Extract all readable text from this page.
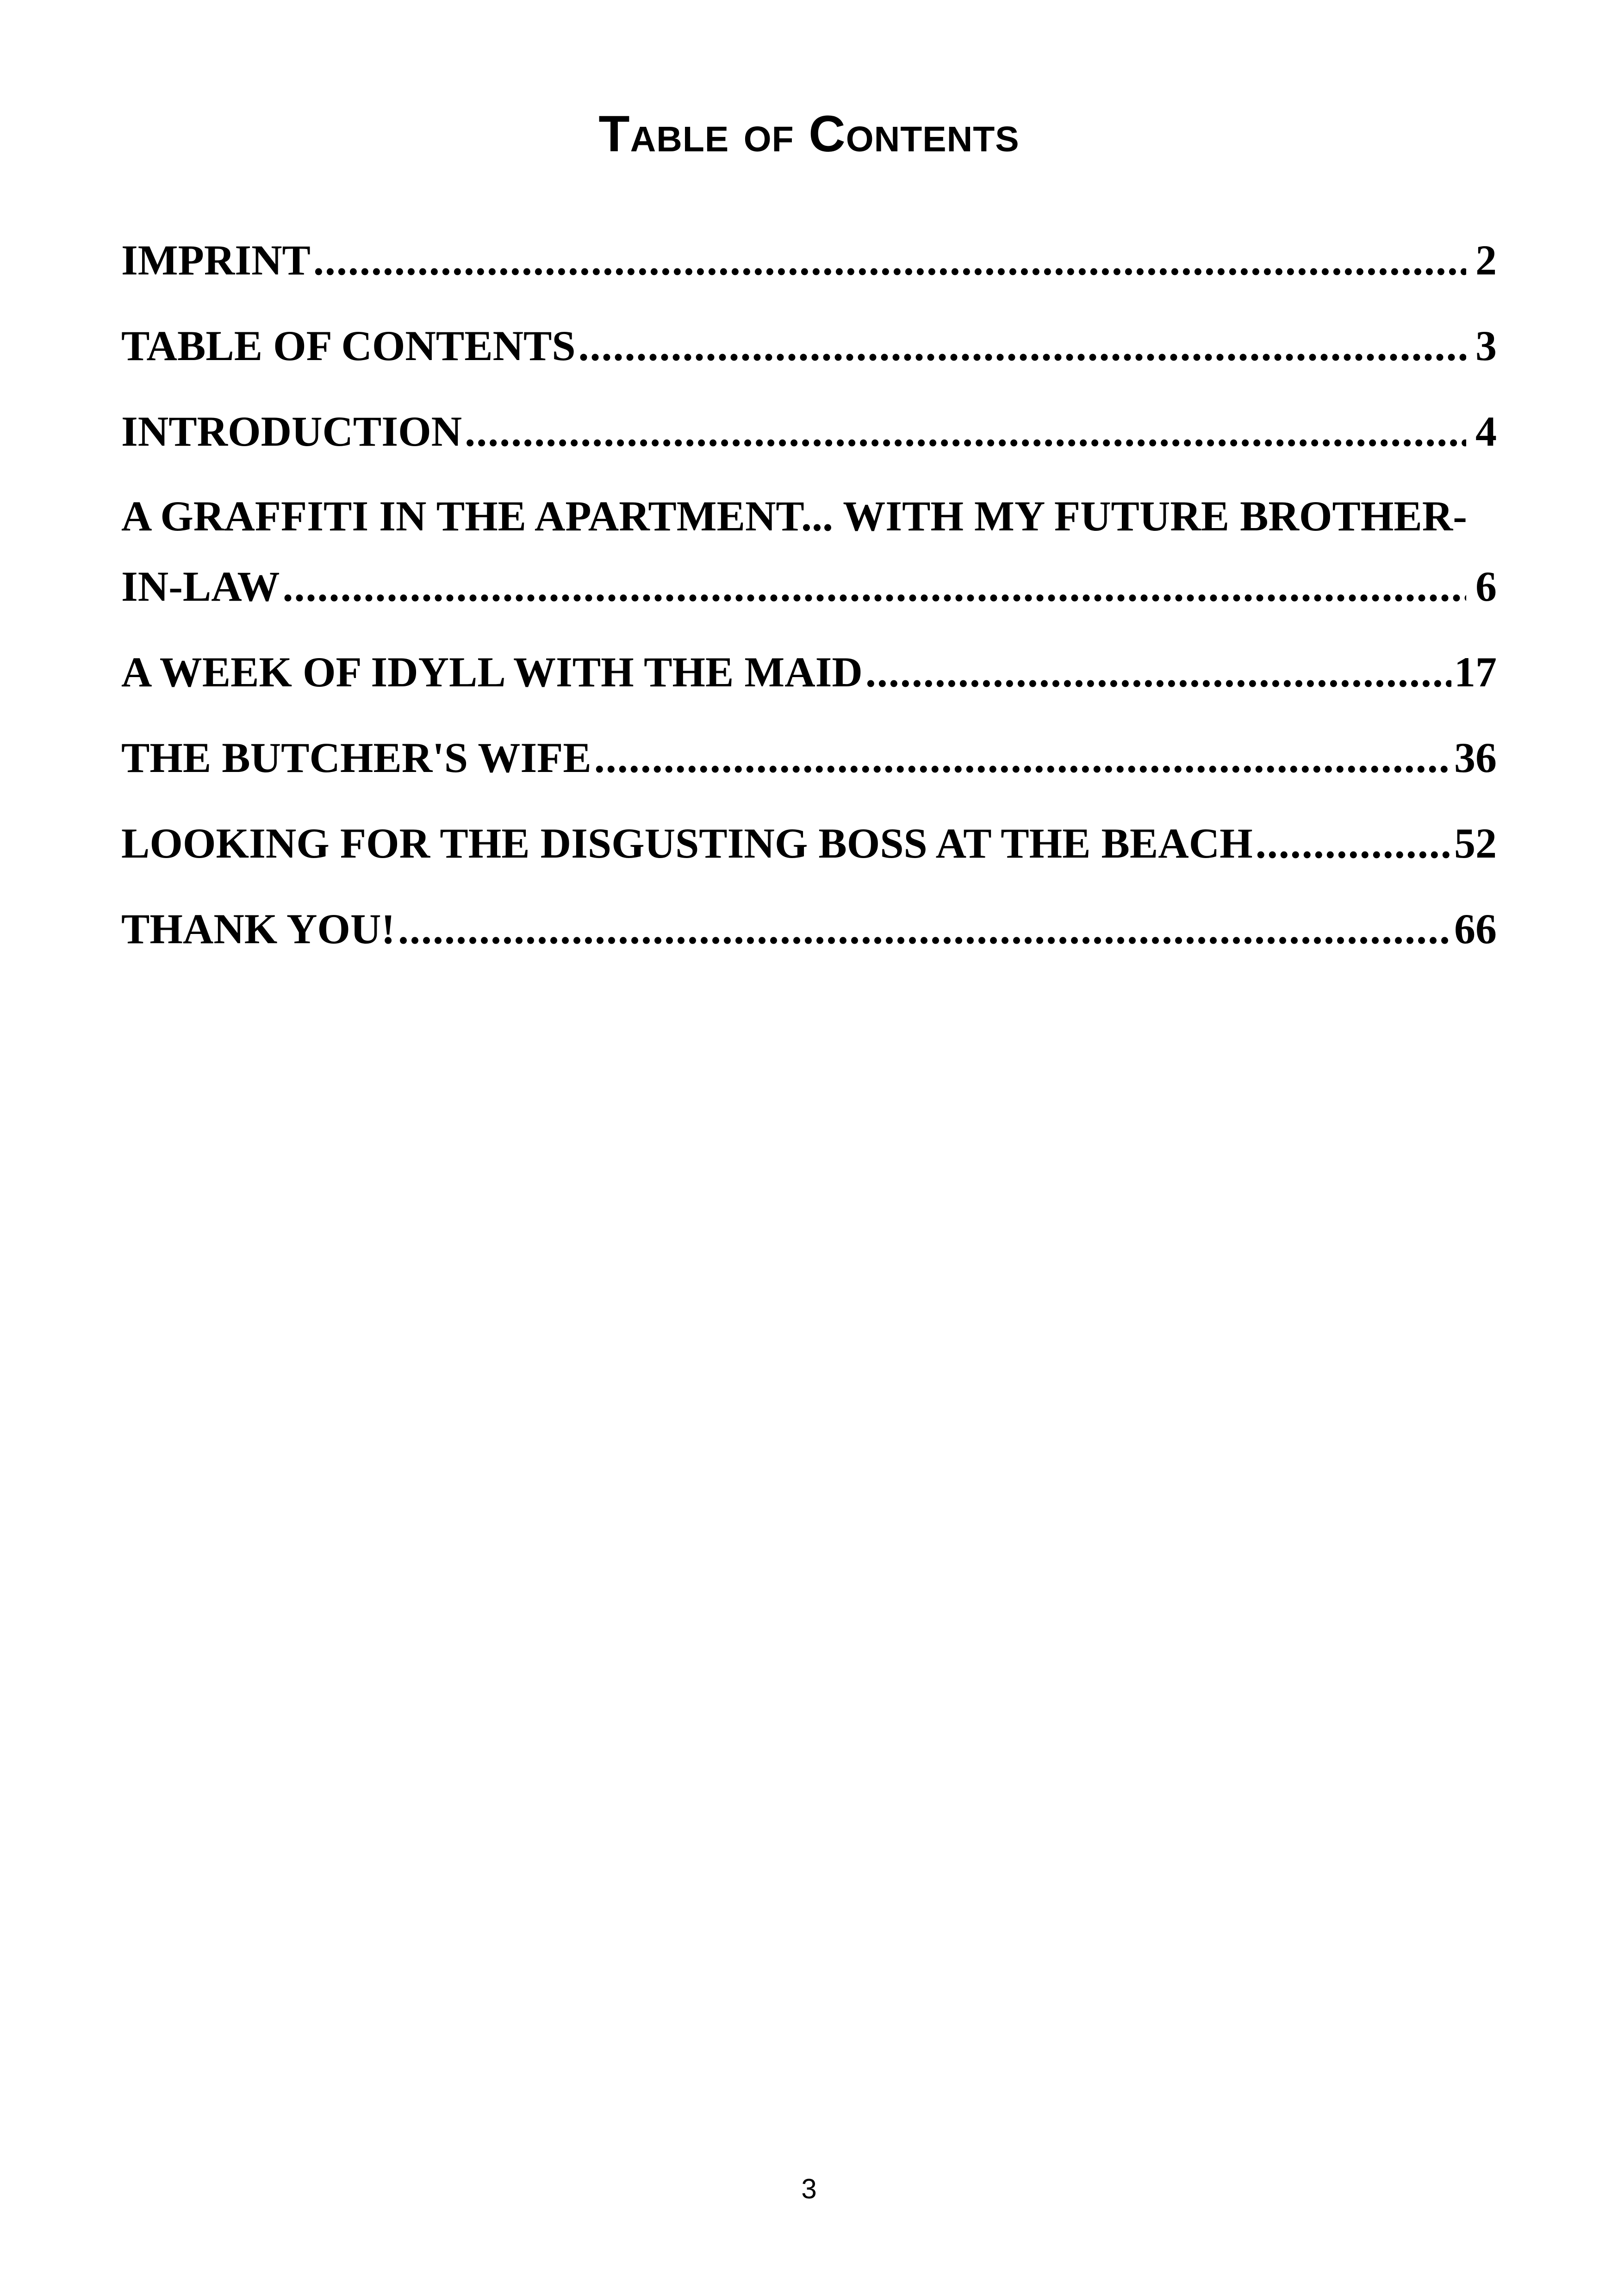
Table of Contents
IMPRINT .....	2
TABLE OF CONTENTS .....	3
INTRODUCTION .....	4
A GRAFFITI IN THE APARTMENT... WITH MY FUTURE BROTHER-
IN-LAW .....	6
A WEEK OF IDYLL WITH THE MAID .....	17
THE BUTCHER'S WIFE .....	36
LOOKING FOR THE DISGUSTING BOSS AT THE BEACH .....	52
THANK YOU! .....	66
3
